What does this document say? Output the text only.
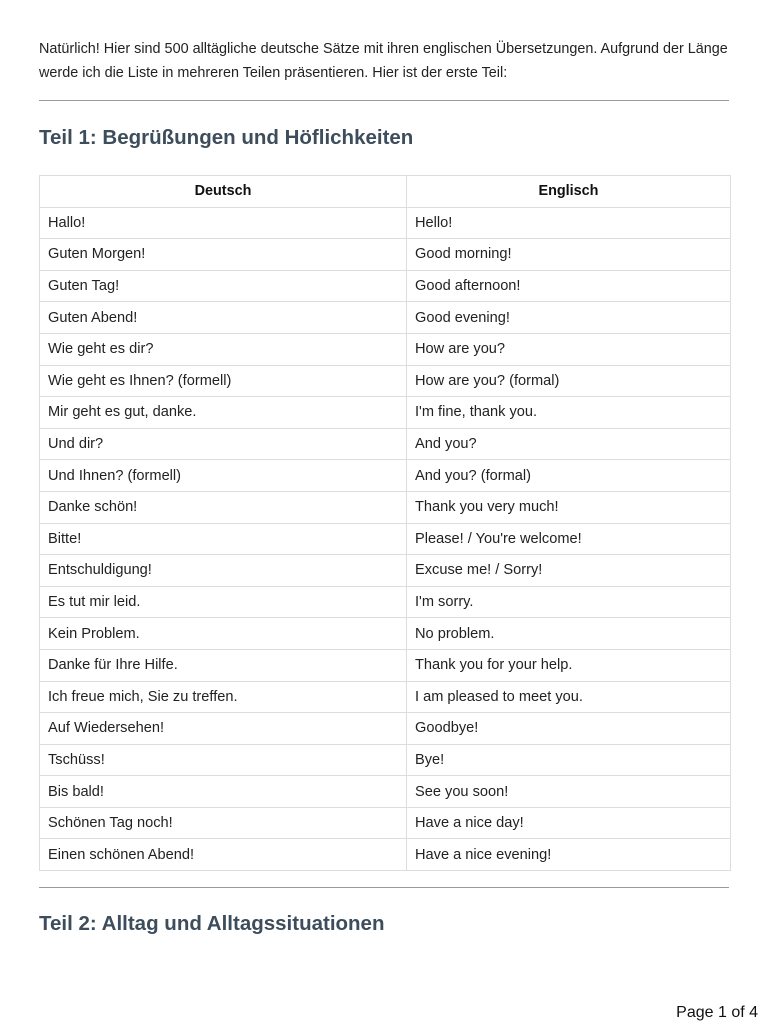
Natürlich! Hier sind 500 alltägliche deutsche Sätze mit ihren englischen Übersetzungen. Aufgrund der Länge werde ich die Liste in mehreren Teilen präsentieren. Hier ist der erste Teil:

Teil 1: Begrüßungen und Höflichkeiten
Deutsch	Englisch
Hallo!	Hello!
Guten Morgen!	Good morning!
Guten Tag!	Good afternoon!
Guten Abend!	Good evening!
Wie geht es dir?	How are you?
Wie geht es Ihnen? (formell)	How are you? (formal)
Mir geht es gut, danke.	I'm fine, thank you.
Und dir?	And you?
Und Ihnen? (formell)	And you? (formal)
Danke schön!	Thank you very much!
Bitte!	Please! / You're welcome!
Entschuldigung!	Excuse me! / Sorry!
Es tut mir leid.	I'm sorry.
Kein Problem.	No problem.
Danke für Ihre Hilfe.	Thank you for your help.
Ich freue mich, Sie zu treffen.	I am pleased to meet you.
Auf Wiedersehen!	Goodbye!
Tschüss!	Bye!
Bis bald!	See you soon!
Schönen Tag noch!	Have a nice day!
Einen schönen Abend!	Have a nice evening!
Teil 2: Alltag und Alltagssituationen
Page 1 of 4
